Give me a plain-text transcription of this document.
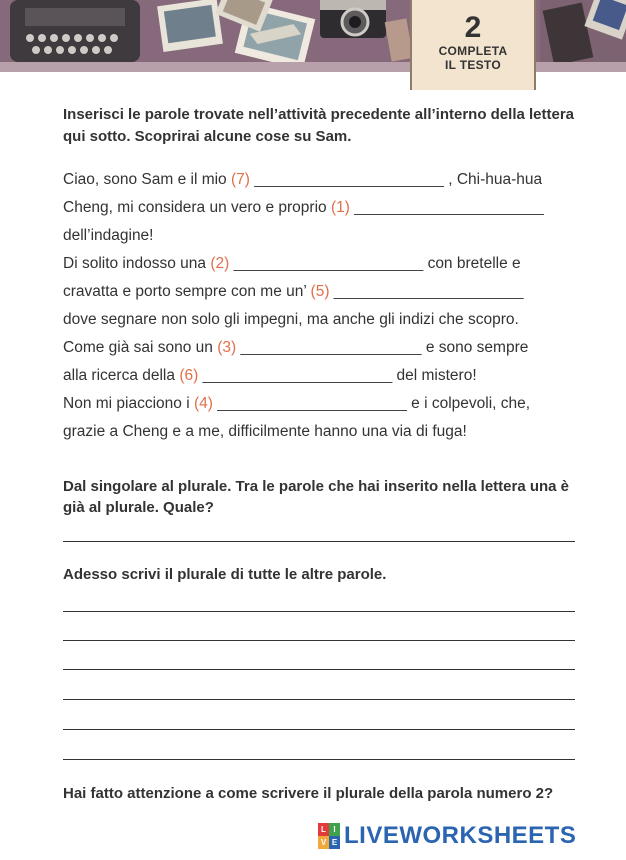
2
COMPLETA
IL TESTO
Inserisci le parole trovate nell’attività precedente all’interno della lettera qui sotto. Scoprirai alcune cose su Sam.
Ciao, sono Sam e il mio (7) ______________________ , Chi-hua-hua
Cheng, mi considera un vero e proprio (1) ______________________
dell’indagine!
Di solito indosso una (2) ______________________ con bretelle e
cravatta e porto sempre con me un’ (5) ______________________
dove segnare non solo gli impegni, ma anche gli indizi che scopro.
Come già sai sono un (3) _____________________ e sono sempre
alla ricerca della (6) ______________________ del mistero!
Non mi piacciono i (4) ______________________ e i colpevoli, che,
grazie a Cheng e a me, difficilmente hanno una via di fuga!
Dal singolare al plurale. Tra le parole che hai inserito nella lettera una è già al plurale. Quale?
Adesso scrivi il plurale di tutte le altre parole.
Hai fatto attenzione a come scrivere il plurale della parola numero 2?
L I
V E LIVEWORKSHEETS
